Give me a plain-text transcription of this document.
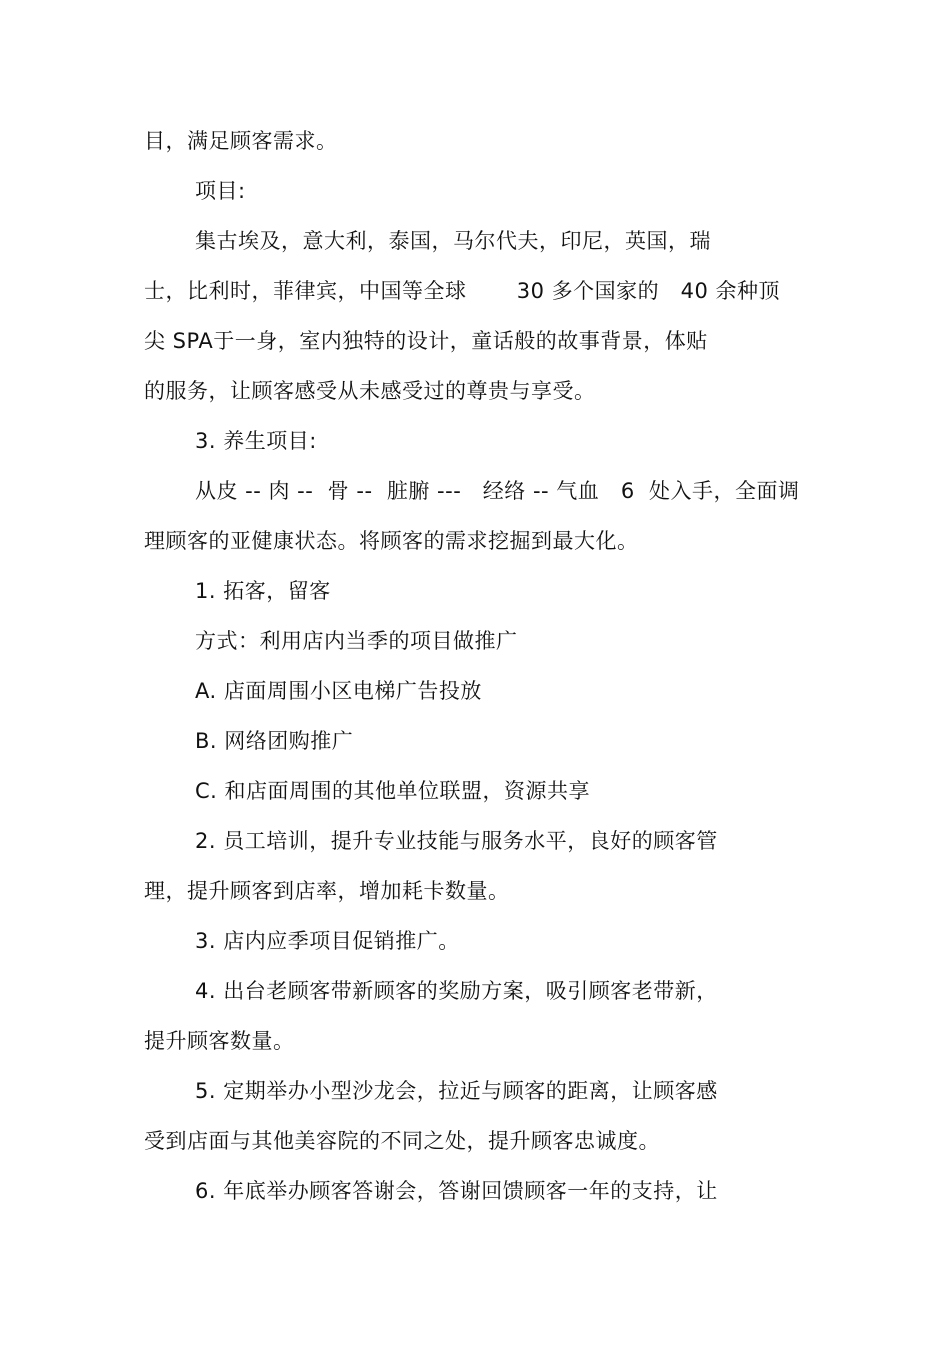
目，满足顾客需求。
项目:
集古埃及，意大利，泰国，马尔代夫，印尼，英国，瑞
士，比利时，菲律宾，中国等全球       30 多个国家的   40 余种顶
尖 SPA于一身，室内独特的设计，童话般的故事背景，体贴
的服务，让顾客感受从未感受过的尊贵与享受。
3. 养生项目:
从皮 -- 肉 --  骨 --  脏腑 ---   经络 -- 气血   6  处入手，全面调
理顾客的亚健康状态。将顾客的需求挖掘到最大化。
1. 拓客，留客
方式：利用店内当季的项目做推广
A. 店面周围小区电梯广告投放
B. 网络团购推广
C. 和店面周围的其他单位联盟，资源共享
2. 员工培训，提升专业技能与服务水平，良好的顾客管
理，提升顾客到店率，增加耗卡数量。
3. 店内应季项目促销推广。
4. 出台老顾客带新顾客的奖励方案，吸引顾客老带新，
提升顾客数量。
5. 定期举办小型沙龙会，拉近与顾客的距离，让顾客感
受到店面与其他美容院的不同之处，提升顾客忠诚度。
6. 年底举办顾客答谢会，答谢回馈顾客一年的支持，让
